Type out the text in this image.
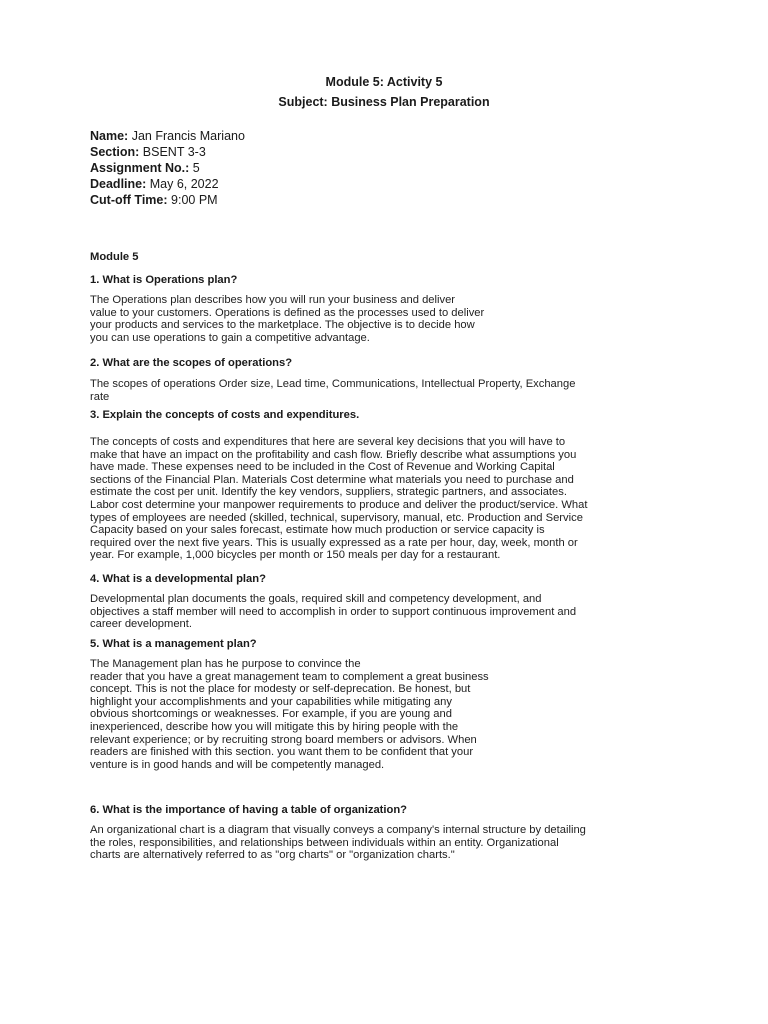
Module 5: Activity 5
Subject: Business Plan Preparation
Name: Jan Francis Mariano
Section: BSENT 3-3
Assignment No.: 5
Deadline: May 6, 2022
Cut-off Time: 9:00 PM
Module 5
1. What is Operations plan?
The Operations plan describes how you will run your business and deliver
value to your customers. Operations is defined as the processes used to deliver
your products and services to the marketplace. The objective is to decide how
you can use operations to gain a competitive advantage.
2. What are the scopes of operations?
The scopes of operations Order size, Lead time, Communications, Intellectual Property, Exchange
rate
3. Explain the concepts of costs and expenditures.
The concepts of costs and expenditures that here are several key decisions that you will have to
make that have an impact on the profitability and cash flow. Briefly describe what assumptions you
have made. These expenses need to be included in the Cost of Revenue and Working Capital
sections of the Financial Plan. Materials Cost determine what materials you need to purchase and
estimate the cost per unit. Identify the key vendors, suppliers, strategic partners, and associates.
Labor cost determine your manpower requirements to produce and deliver the product/service. What
types of employees are needed (skilled, technical, supervisory, manual, etc. Production and Service
Capacity based on your sales forecast, estimate how much production or service capacity is
required over the next five years. This is usually expressed as a rate per hour, day, week, month or
year. For example, 1,000 bicycles per month or 150 meals per day for a restaurant.
4. What is a developmental plan?
Developmental plan documents the goals, required skill and competency development, and
objectives a staff member will need to accomplish in order to support continuous improvement and
career development.
5. What is a management plan?
The Management plan has he purpose to convince the
reader that you have a great management team to complement a great business
concept. This is not the place for modesty or self-deprecation. Be honest, but
highlight your accomplishments and your capabilities while mitigating any
obvious shortcomings or weaknesses. For example, if you are young and
inexperienced, describe how you will mitigate this by hiring people with the
relevant experience; or by recruiting strong board members or advisors. When
readers are finished with this section. you want them to be confident that your
venture is in good hands and will be competently managed.
6. What is the importance of having a table of organization?
An organizational chart is a diagram that visually conveys a company's internal structure by detailing
the roles, responsibilities, and relationships between individuals within an entity. Organizational
charts are alternatively referred to as "org charts" or "organization charts."
